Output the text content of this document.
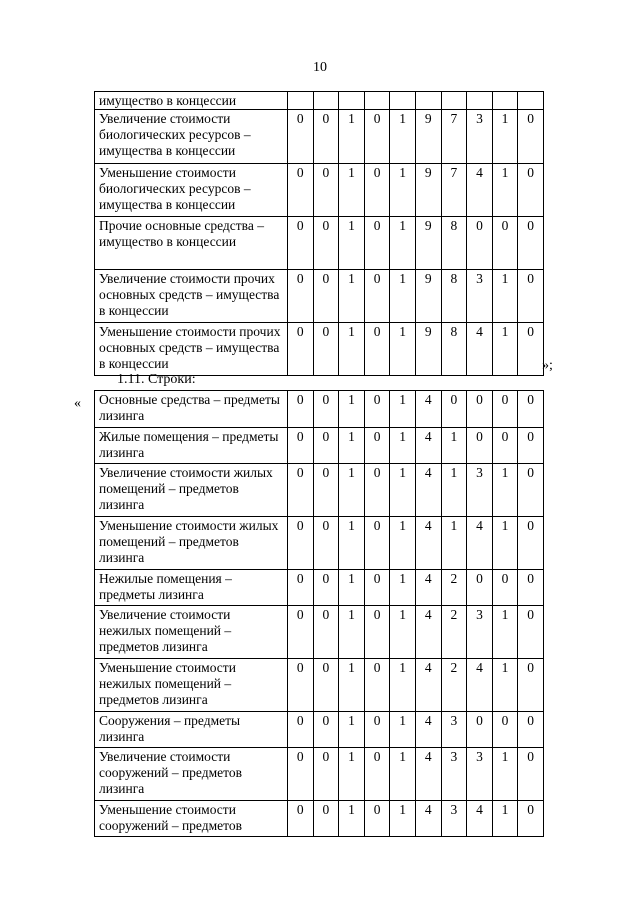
10
имущество в концессии										
Увеличение стоимости биологических ресурсов – имущества в концессии	0	0	1	0	1	9	7	3	1	0
Уменьшение стоимости биологических ресурсов – имущества в концессии	0	0	1	0	1	9	7	4	1	0
Прочие основные средства – имущество в концессии	0	0	1	0	1	9	8	0	0	0
Увеличение стоимости прочих основных средств – имущества в концессии	0	0	1	0	1	9	8	3	1	0
Уменьшение стоимости прочих основных средств – имущества в концессии	0	0	1	0	1	9	8	4	1	0
»;
1.11. Строки:
« Основные средства – предметы лизинга	0	0	1	0	1	4	0	0	0	0
Жилые помещения – предметы лизинга	0	0	1	0	1	4	1	0	0	0
Увеличение стоимости жилых помещений – предметов лизинга	0	0	1	0	1	4	1	3	1	0
Уменьшение стоимости жилых помещений – предметов лизинга	0	0	1	0	1	4	1	4	1	0
Нежилые помещения – предметы лизинга	0	0	1	0	1	4	2	0	0	0
Увеличение стоимости нежилых помещений – предметов лизинга	0	0	1	0	1	4	2	3	1	0
Уменьшение стоимости нежилых помещений – предметов лизинга	0	0	1	0	1	4	2	4	1	0
Сооружения – предметы лизинга	0	0	1	0	1	4	3	0	0	0
Увеличение стоимости сооружений – предметов лизинга	0	0	1	0	1	4	3	3	1	0
Уменьшение стоимости сооружений – предметов	0	0	1	0	1	4	3	4	1	0
